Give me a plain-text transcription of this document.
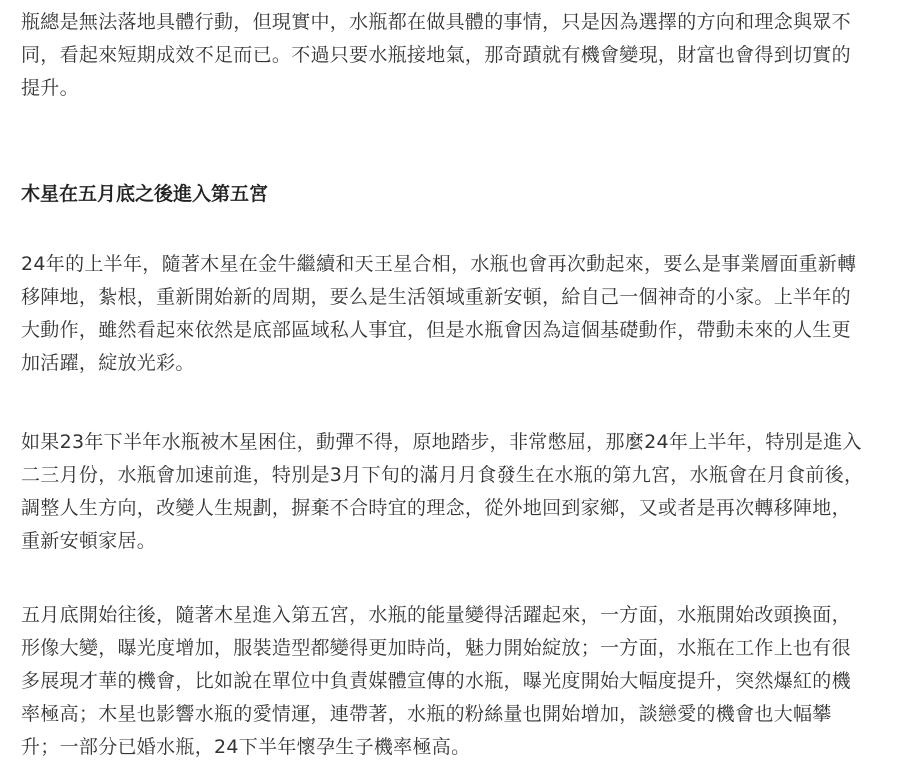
瓶總是無法落地具體行動，但現實中，水瓶都在做具體的事情，只是因為選擇的方向和理念與眾不
同，看起來短期成效不足而已。不過只要水瓶接地氣，那奇蹟就有機會變現，財富也會得到切實的
提升。

木星在五月底之後進入第五宮

24年的上半年，隨著木星在金牛繼續和天王星合相，水瓶也會再次動起來，要么是事業層面重新轉
移陣地，紮根，重新開始新的周期，要么是生活領域重新安頓，給自己一個神奇的小家。上半年的
大動作，雖然看起來依然是底部區域私人事宜，但是水瓶會因為這個基礎動作，帶動未來的人生更
加活躍，綻放光彩。

如果23年下半年水瓶被木星困住，動彈不得，原地踏步，非常憋屈，那麼24年上半年，特別是進入
二三月份，水瓶會加速前進，特別是3月下旬的滿月月食發生在水瓶的第九宮，水瓶會在月食前後，
調整人生方向，改變人生規劃，摒棄不合時宜的理念，從外地回到家鄉，又或者是再次轉移陣地，
重新安頓家居。

五月底開始往後，隨著木星進入第五宮，水瓶的能量變得活躍起來，一方面，水瓶開始改頭換面，
形像大變，曝光度增加，服裝造型都變得更加時尚，魅力開始綻放；一方面，水瓶在工作上也有很
多展現才華的機會，比如說在單位中負責媒體宣傳的水瓶，曝光度開始大幅度提升，突然爆紅的機
率極高；木星也影響水瓶的愛情運，連帶著，水瓶的粉絲量也開始增加，談戀愛的機會也大幅攀
升；一部分已婚水瓶，24下半年懷孕生子機率極高。
